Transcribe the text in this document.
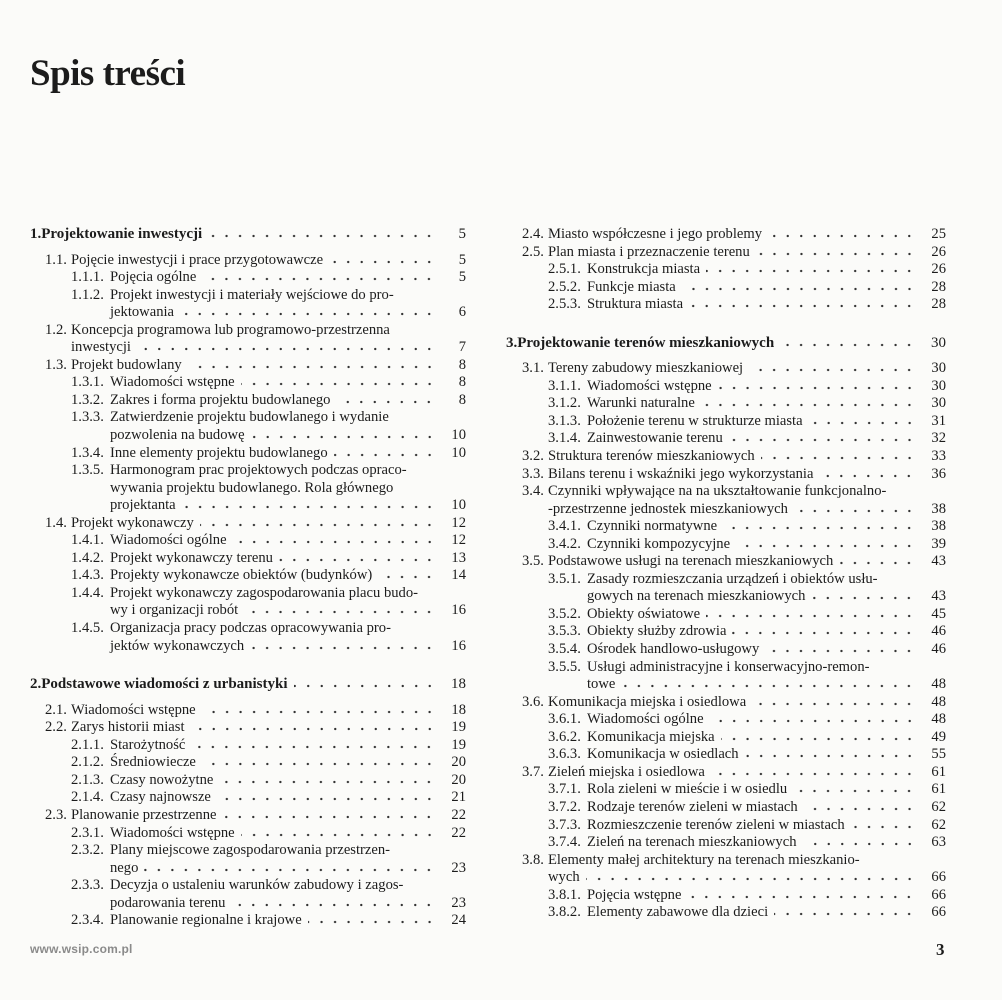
Spis treści
1. Projektowanie inwestycji	5
1.1. Pojęcie inwestycji i prace przygotowawcze	5
1.1.1. Pojęcia ogólne	5
1.1.2. Projekt inwestycji i materiały wejściowe do pro-
jektowania	6
1.2. Koncepcja programowa lub programowo-przestrzenna
inwestycji	7
1.3. Projekt budowlany	8
1.3.1. Wiadomości wstępne	8
1.3.2. Zakres i forma projektu budowlanego	8
1.3.3. Zatwierdzenie projektu budowlanego i wydanie
pozwolenia na budowę	10
1.3.4. Inne elementy projektu budowlanego	10
1.3.5. Harmonogram prac projektowych podczas opraco-
wywania projektu budowlanego. Rola głównego
projektanta	10
1.4. Projekt wykonawczy	12
1.4.1. Wiadomości ogólne	12
1.4.2. Projekt wykonawczy terenu	13
1.4.3. Projekty wykonawcze obiektów (budynków)	14
1.4.4. Projekt wykonawczy zagospodarowania placu budo-
wy i organizacji robót	16
1.4.5. Organizacja pracy podczas opracowywania pro-
jektów wykonawczych	16
2. Podstawowe wiadomości z urbanistyki	18
2.1. Wiadomości wstępne	18
2.2. Zarys historii miast	19
2.1.1. Starożytność	19
2.1.2. Średniowiecze	20
2.1.3. Czasy nowożytne	20
2.1.4. Czasy najnowsze	21
2.3. Planowanie przestrzenne	22
2.3.1. Wiadomości wstępne	22
2.3.2. Plany miejscowe zagospodarowania przestrzen-
nego	23
2.3.3. Decyzja o ustaleniu warunków zabudowy i zagos-
podarowania terenu	23
2.3.4. Planowanie regionalne i krajowe	24
2.4. Miasto współczesne i jego problemy	25
2.5. Plan miasta i przeznaczenie terenu	26
2.5.1. Konstrukcja miasta	26
2.5.2. Funkcje miasta	28
2.5.3. Struktura miasta	28
3. Projektowanie terenów mieszkaniowych	30
3.1. Tereny zabudowy mieszkaniowej	30
3.1.1. Wiadomości wstępne	30
3.1.2. Warunki naturalne	30
3.1.3. Położenie terenu w strukturze miasta	31
3.1.4. Zainwestowanie terenu	32
3.2. Struktura terenów mieszkaniowych	33
3.3. Bilans terenu i wskaźniki jego wykorzystania	36
3.4. Czynniki wpływające na na ukształtowanie funkcjonalno-
-przestrzenne jednostek mieszkaniowych	38
3.4.1. Czynniki normatywne	38
3.4.2. Czynniki kompozycyjne	39
3.5. Podstawowe usługi na terenach mieszkaniowych	43
3.5.1. Zasady rozmieszczania urządzeń i obiektów usłu-
gowych na terenach mieszkaniowych	43
3.5.2. Obiekty oświatowe	45
3.5.3. Obiekty służby zdrowia	46
3.5.4. Ośrodek handlowo-usługowy	46
3.5.5. Usługi administracyjne i konserwacyjno-remon-
towe	48
3.6. Komunikacja miejska i osiedlowa	48
3.6.1. Wiadomości ogólne	48
3.6.2. Komunikacja miejska	49
3.6.3. Komunikacja w osiedlach	55
3.7. Zieleń miejska i osiedlowa	61
3.7.1. Rola zieleni w mieście i w osiedlu	61
3.7.2. Rodzaje terenów zieleni w miastach	62
3.7.3. Rozmieszczenie terenów zieleni w miastach	62
3.7.4. Zieleń na terenach mieszkaniowych	63
3.8. Elementy małej architektury na terenach mieszkanio-
wych	66
3.8.1. Pojęcia wstępne	66
3.8.2. Elementy zabawowe dla dzieci	66
www.wsip.com.pl	3
